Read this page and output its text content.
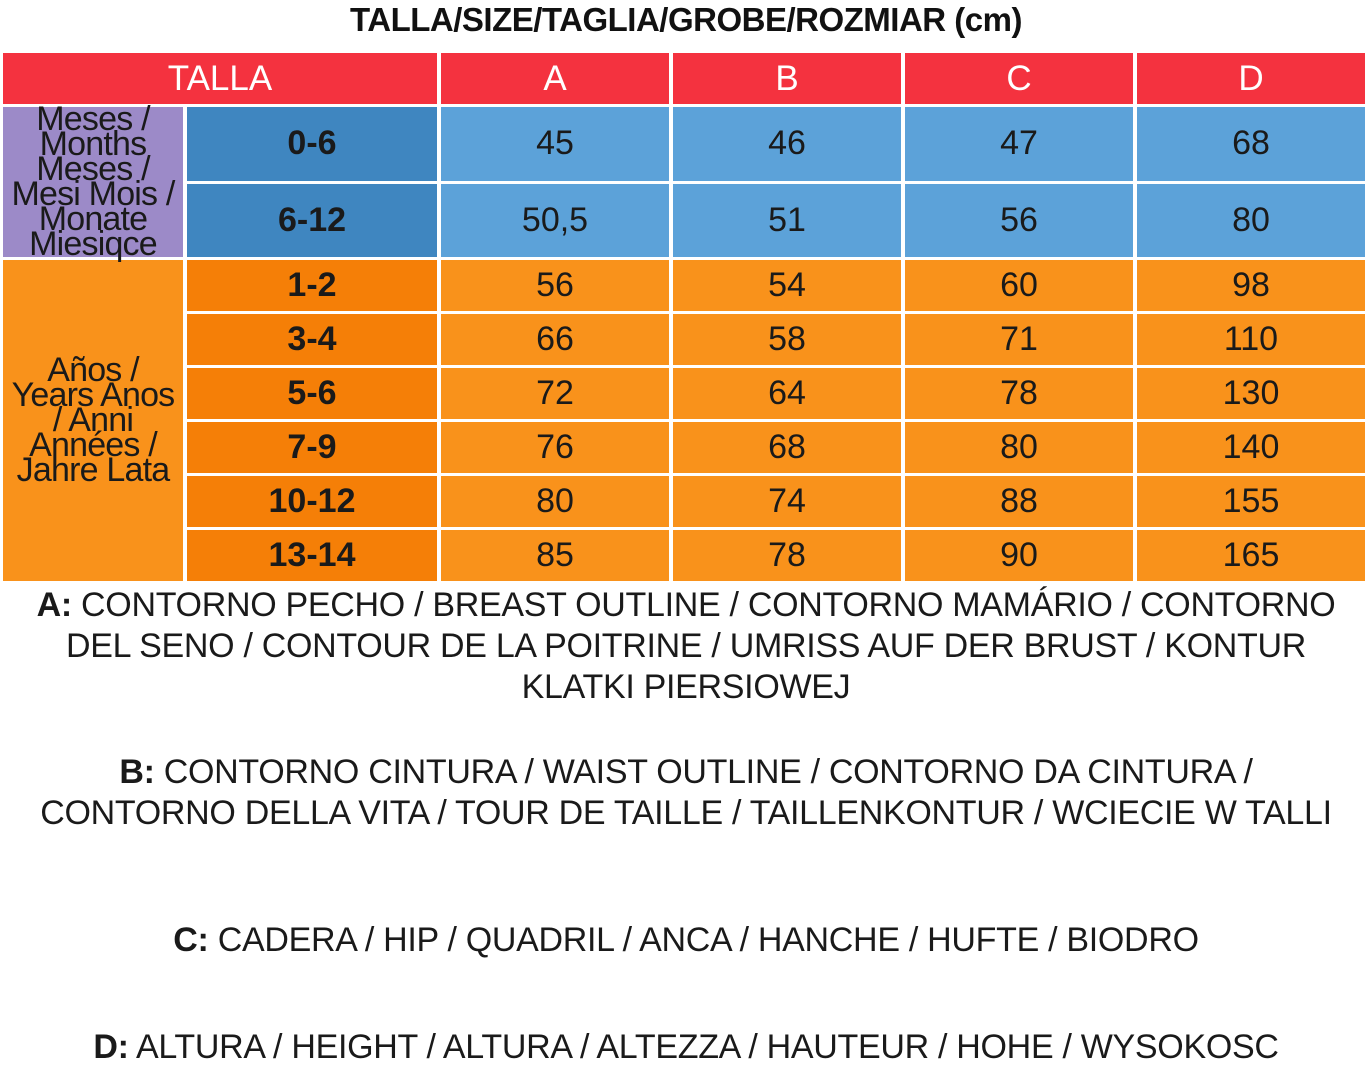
TALLA/SIZE/TAGLIA/GROBE/ROZMIAR (cm)
TALLA		A	B	C	D
Meses / Months Meses / Mesi Mois / Monate Miesiqce	0-6	45	46	47	68
	6-12	50,5	51	56	80
Años / Years Anos / Anni Années / Jahre Lata	1-2	56	54	60	98
	3-4	66	58	71	110
	5-6	72	64	78	130
	7-9	76	68	80	140
	10-12	80	74	88	155
	13-14	85	78	90	165
A: CONTORNO PECHO / BREAST OUTLINE / CONTORNO MAMÁRIO / CONTORNO DEL SENO / CONTOUR DE LA POITRINE / UMRISS AUF DER BRUST / KONTUR KLATKI PIERSIOWEJ
B: CONTORNO CINTURA / WAIST OUTLINE / CONTORNO DA CINTURA / CONTORNO DELLA VITA / TOUR DE TAILLE / TAILLENKONTUR / WCIECIE W TALLI
C: CADERA / HIP / QUADRIL / ANCA / HANCHE / HUFTE / BIODRO
D: ALTURA / HEIGHT / ALTURA / ALTEZZA / HAUTEUR / HOHE / WYSOKOSC
